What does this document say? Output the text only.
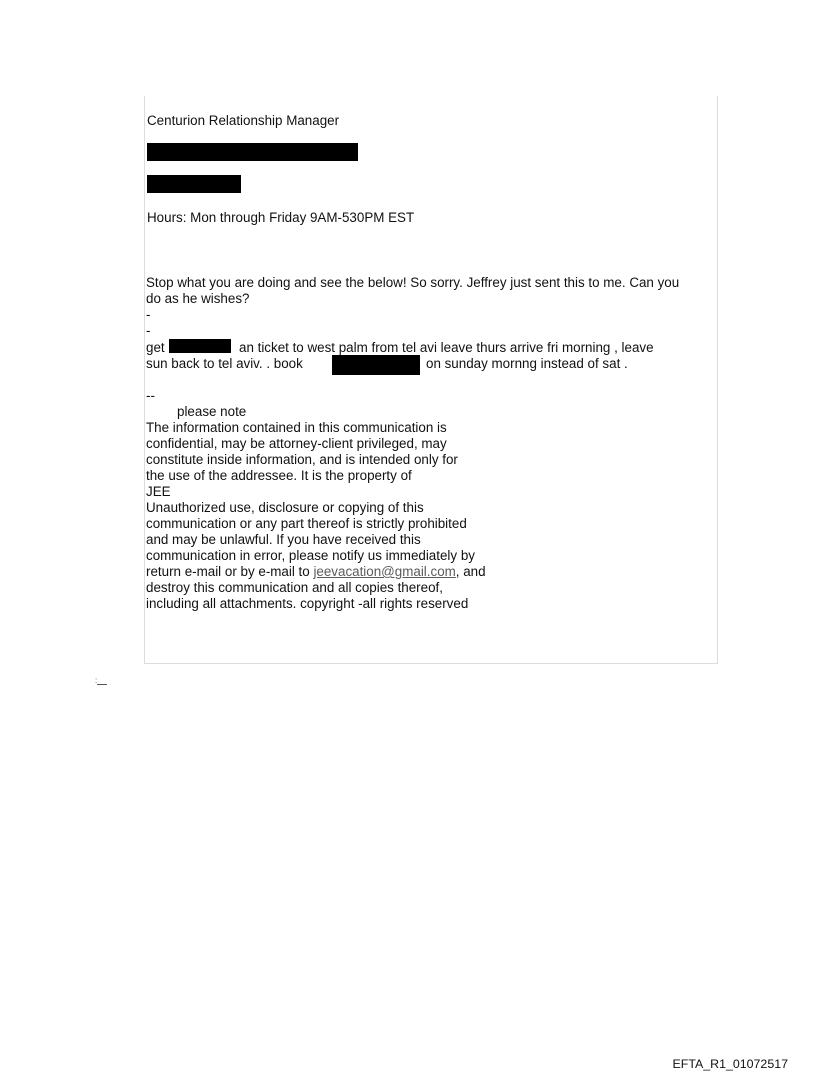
Centurion Relationship Manager
Hours: Mon through Friday 9AM-530PM EST
Stop what you are doing and see the below! So sorry. Jeffrey just sent this to me. Can you
do as he wishes?
-
-
get	an ticket to west palm from tel avi leave thurs arrive fri morning , leave
sun back to tel aviv. . book	on sunday mornng instead of sat .
--
please note
The information contained in this communication is
confidential, may be attorney-client privileged, may
constitute inside information, and is intended only for
the use of the addressee. It is the property of
JEE
Unauthorized use, disclosure or copying of this
communication or any part thereof is strictly prohibited
and may be unlawful. If you have received this
communication in error, please notify us immediately by
return e-mail or by e-mail to jeevacation@gmail.com, and
destroy this communication and all copies thereof,
including all attachments. copyright -all rights reserved
:
EFTA_R1_01072517
